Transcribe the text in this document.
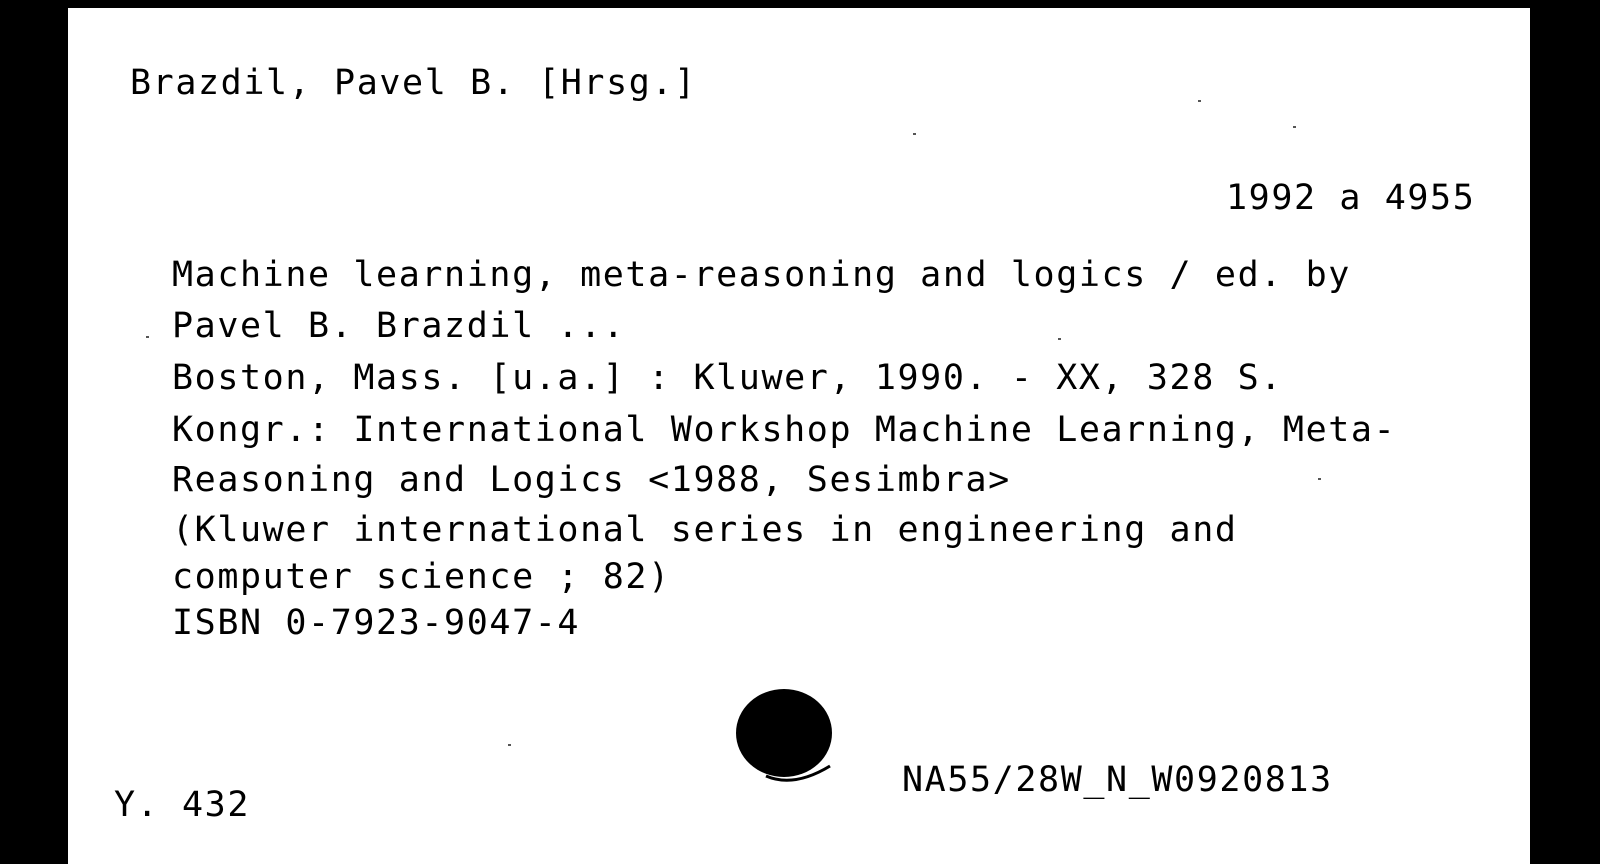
Brazdil, Pavel B. [Hrsg.]

1992 a 4955

Machine learning, meta-reasoning and logics / ed. by

Pavel B. Brazdil ...

Boston, Mass. [u.a.] : Kluwer, 1990. - XX, 328 S.

Kongr.: International Workshop Machine Learning, Meta-

Reasoning and Logics <1988, Sesimbra>

(Kluwer international series in engineering and

computer science ; 82)

ISBN 0-7923-9047-4

NA55/28W_N_W0920813

Y. 432
